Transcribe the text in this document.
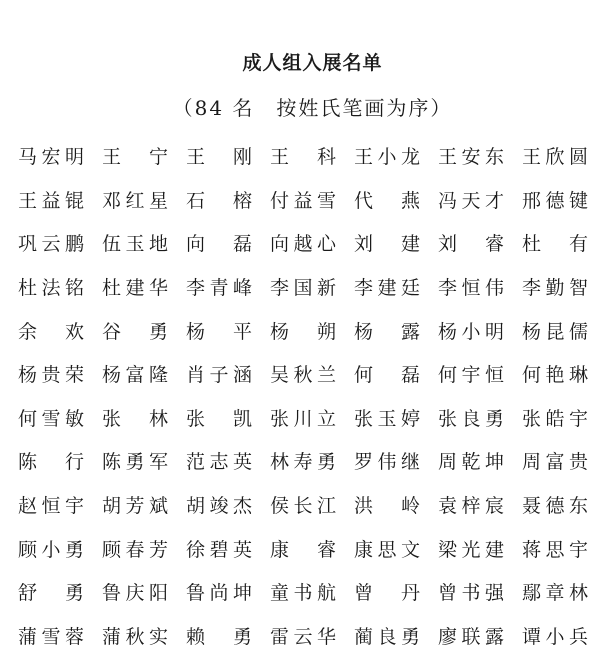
成人组入展名单

（84 名　按姓氏笔画为序）

马 宏 明 王 宁 王 刚 王 科 王 小 龙 王 安 东 王 欣 圆
王 益 锟 邓 红 星 石 榕 付 益 雪 代 燕 冯 天 才 邢 德 键
巩 云 鹏 伍 玉 地 向 磊 向 越 心 刘 建 刘 睿 杜 有
杜 法 铭 杜 建 华 李 青 峰 李 国 新 李 建 廷 李 恒 伟 李 勤 智
余 欢 谷 勇 杨 平 杨 朔 杨 露 杨 小 明 杨 昆 儒
杨 贵 荣 杨 富 隆 肖 子 涵 吴 秋 兰 何 磊 何 宇 恒 何 艳 琳
何 雪 敏 张 林 张 凯 张 川 立 张 玉 婷 张 良 勇 张 皓 宇
陈 行 陈 勇 军 范 志 英 林 寿 勇 罗 伟 继 周 乾 坤 周 富 贵
赵 恒 宇 胡 芳 斌 胡 竣 杰 侯 长 江 洪 岭 袁 梓 宸 聂 德 东
顾 小 勇 顾 春 芳 徐 碧 英 康 睿 康 思 文 梁 光 建 蒋 思 宇
舒 勇 鲁 庆 阳 鲁 尚 坤 童 书 航 曾 丹 曾 书 强 鄢 章 林
蒲 雪 蓉 蒲 秋 实 赖 勇 雷 云 华 蔺 良 勇 廖 联 露 谭 小 兵
